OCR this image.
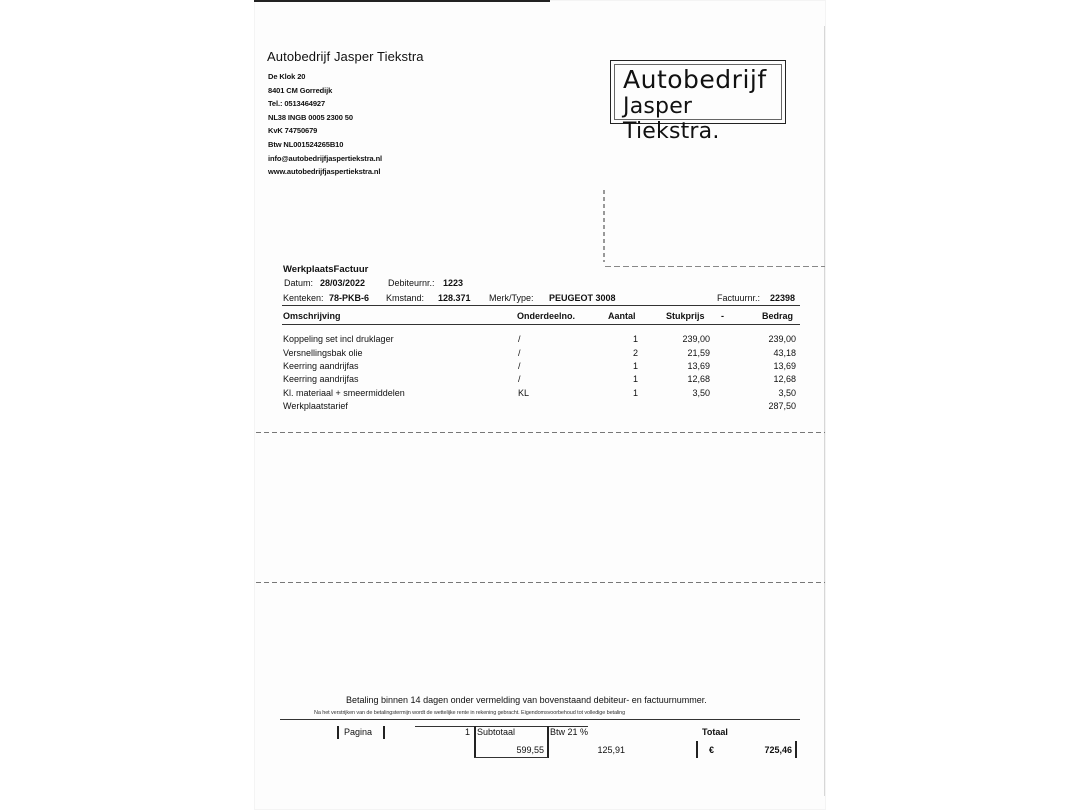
Autobedrijf Jasper Tiekstra
De Klok 20
8401 CM Gorredijk
Tel.: 0513464927
NL38 INGB 0005 2300 50
KvK 74750679
Btw NL001524265B10
info@autobedrijfjaspertiekstra.nl
www.autobedrijfjaspertiekstra.nl
Autobedrijf
Jasper Tiekstra.
WerkplaatsFactuur
Datum: 28/03/2022	Debiteurnr.: 1223
Kenteken: 78-PKB-6 Kmstand: 128.371 Merk/Type: PEUGEOT 3008	Factuurnr.: 22398
Omschrijving	Onderdeelno.	Aantal	Stukprijs -	Bedrag
Koppeling set incl druklager	/	1	239,00	239,00
Versnellingsbak olie	/	2	21,59	43,18
Keerring aandrijfas	/	1	13,69	13,69
Keerring aandrijfas	/	1	12,68	12,68
Kl. materiaal + smeermiddelen	KL	1	3,50	3,50
Werkplaatstarief	287,50
Betaling binnen 14 dagen onder vermelding van bovenstaand debiteur- en factuurnummer.
Na het verstrijken van de betalingstermijn wordt de wettelijke rente in rekening gebracht. Eigendomsvoorbehoud tot volledige betaling
Pagina	1 Subtotaal	Btw 21 %
599,55	125,91
Totaal
€	725,46
